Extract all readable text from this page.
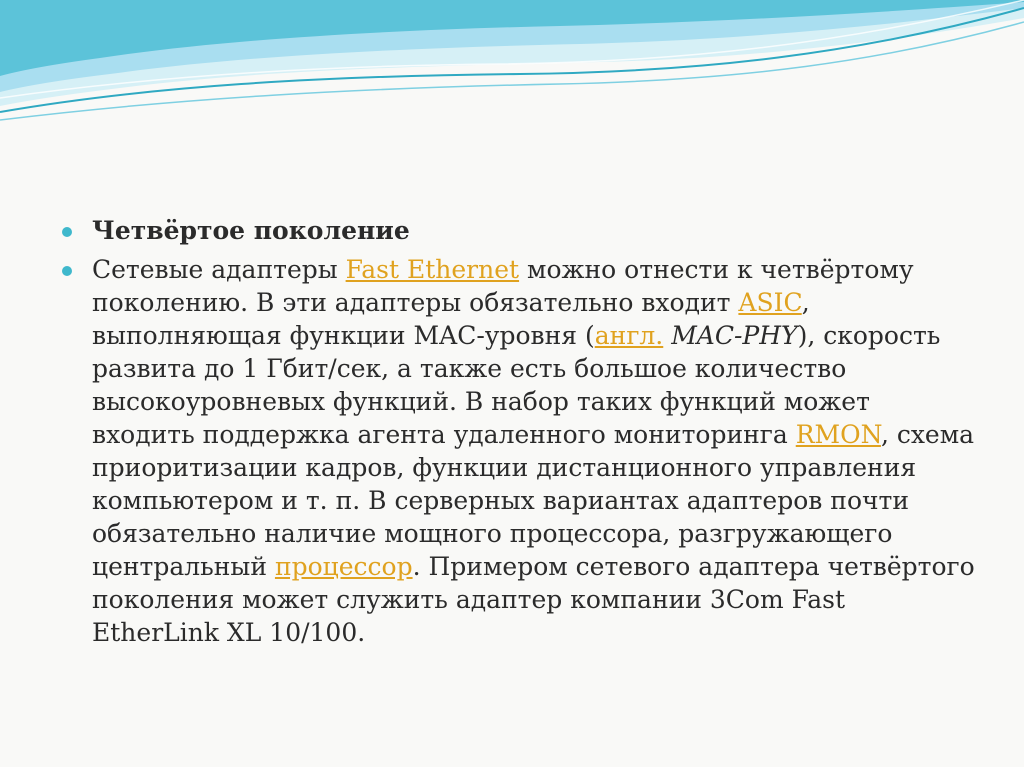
Четвёртое поколение
Сетевые адаптеры Fast Ethernet можно отнести к четвёртому поколению. В эти адаптеры обязательно входит ASIC, выполняющая функции MAC-уровня (англ. MAC-PHY), скорость развита до 1 Гбит/сек, а также есть большое количество высокоуровневых функций. В набор таких функций может входить поддержка агента удаленного мониторинга RMON, схема приоритизации кадров, функции дистанционного управления компьютером и т. п. В серверных вариантах адаптеров почти обязательно наличие мощного процессора, разгружающего центральный процессор. Примером сетевого адаптера четвёртого поколения может служить адаптер компании 3Com Fast EtherLink XL 10/100.
